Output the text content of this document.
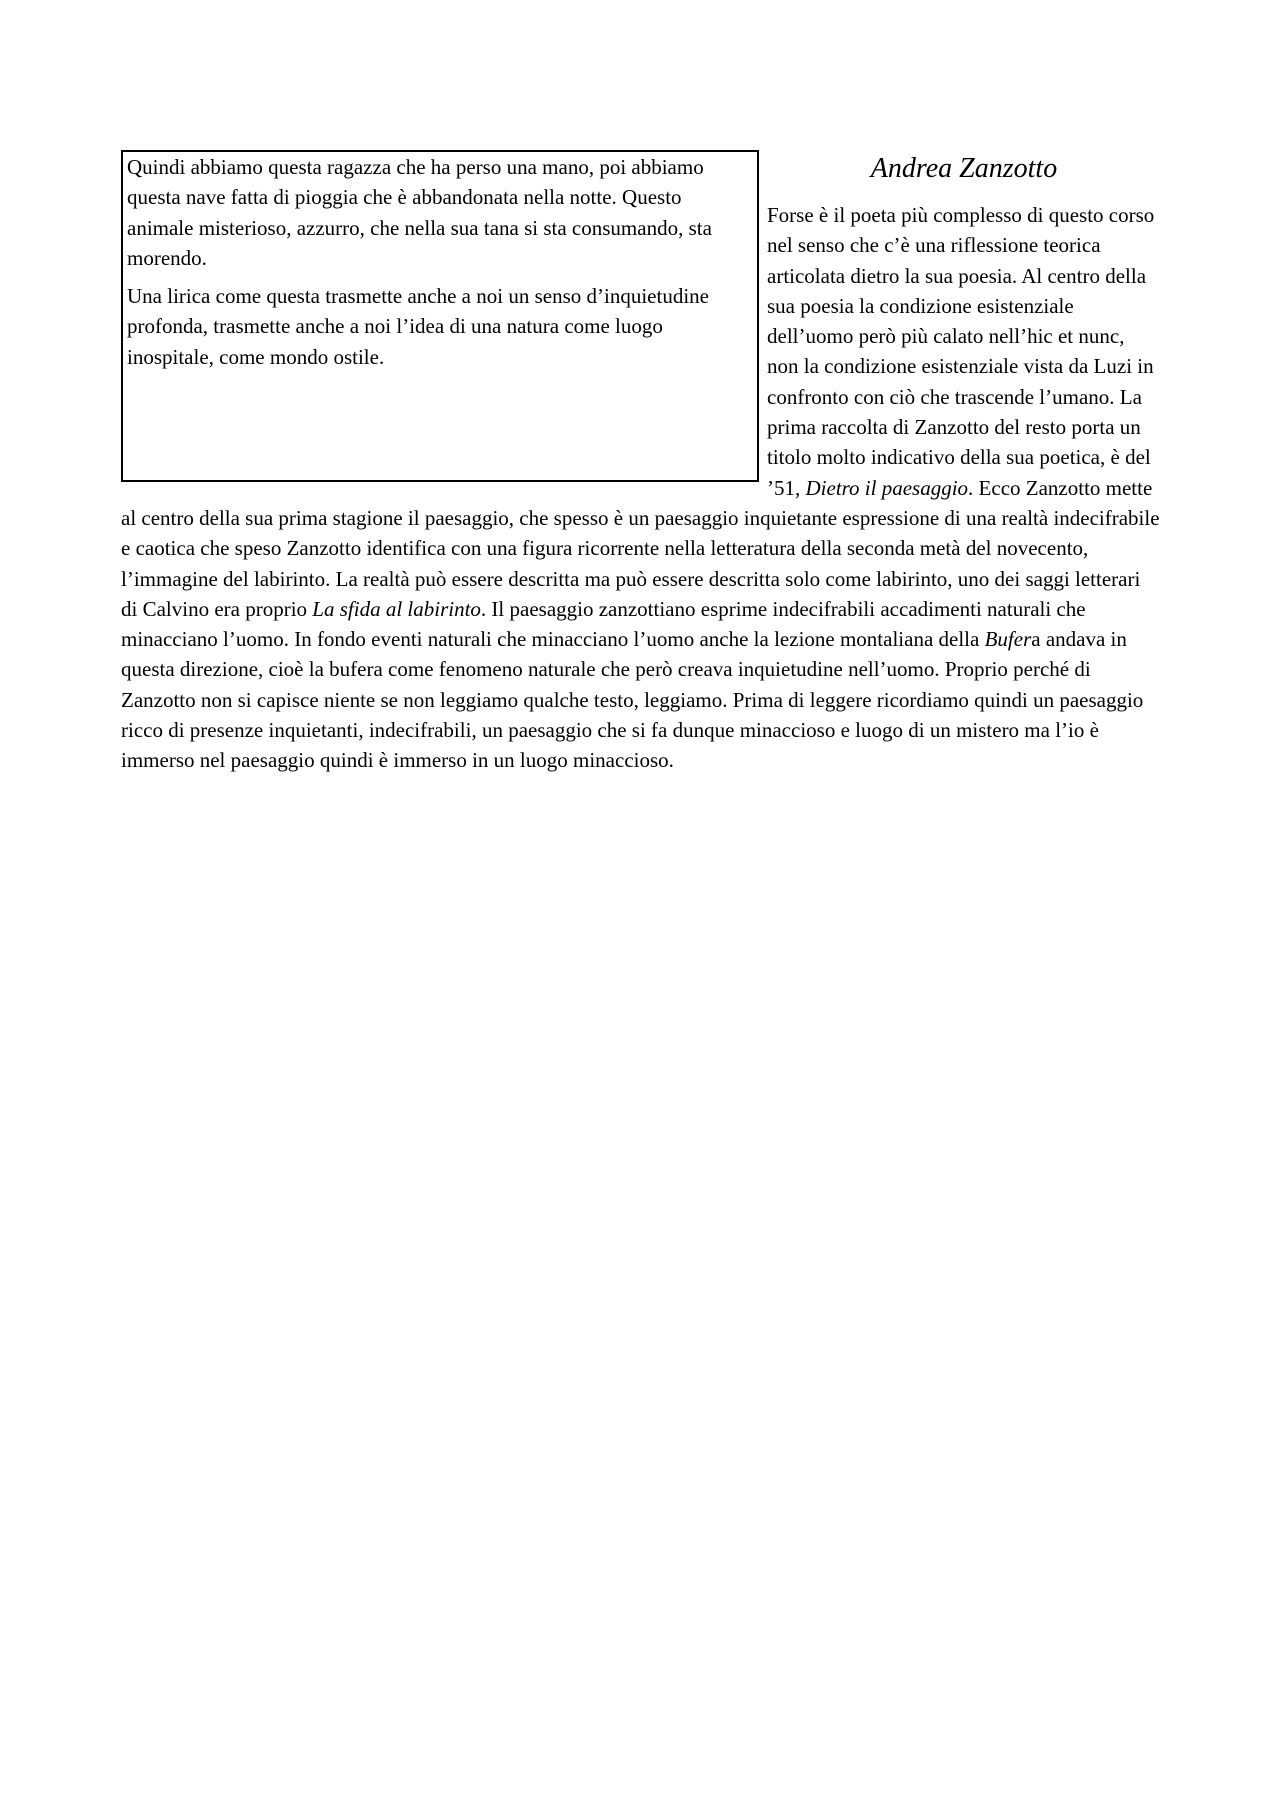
Quindi abbiamo questa ragazza che ha perso una mano, poi abbiamo questa nave fatta di pioggia che è abbandonata nella notte. Questo animale misterioso, azzurro, che nella sua tana si sta consumando, sta morendo.

Una lirica come questa trasmette anche a noi un senso d’inquietudine profonda, trasmette anche a noi l’idea di una natura come luogo inospitale, come mondo ostile.

Andrea Zanzotto

Forse è il poeta più complesso di questo corso nel senso che c’è una riflessione teorica articolata dietro la sua poesia. Al centro della sua poesia la condizione esistenziale dell’uomo però più calato nell’hic et nunc, non la condizione esistenziale vista da Luzi in confronto con ciò che trascende l’umano. La prima raccolta di Zanzotto del resto porta un titolo molto indicativo della sua poetica, è del ’51, Dietro il paesaggio. Ecco Zanzotto mette al centro della sua prima stagione il paesaggio, che spesso è un paesaggio inquietante espressione di una realtà indecifrabile e caotica che speso Zanzotto identifica con una figura ricorrente nella letteratura della seconda metà del novecento, l’immagine del labirinto. La realtà può essere descritta ma può essere descritta solo come labirinto, uno dei saggi letterari di Calvino era proprio La sfida al labirinto. Il paesaggio zanzottiano esprime indecifrabili accadimenti naturali che minacciano l’uomo. In fondo eventi naturali che minacciano l’uomo anche la lezione montaliana della Bufera andava in questa direzione, cioè la bufera come fenomeno naturale che però creava inquietudine nell’uomo. Proprio perché di Zanzotto non si capisce niente se non leggiamo qualche testo, leggiamo. Prima di leggere ricordiamo quindi un paesaggio ricco di presenze inquietanti, indecifrabili, un paesaggio che si fa dunque minaccioso e luogo di un mistero ma l’io è immerso nel paesaggio quindi è immerso in un luogo minaccioso.
